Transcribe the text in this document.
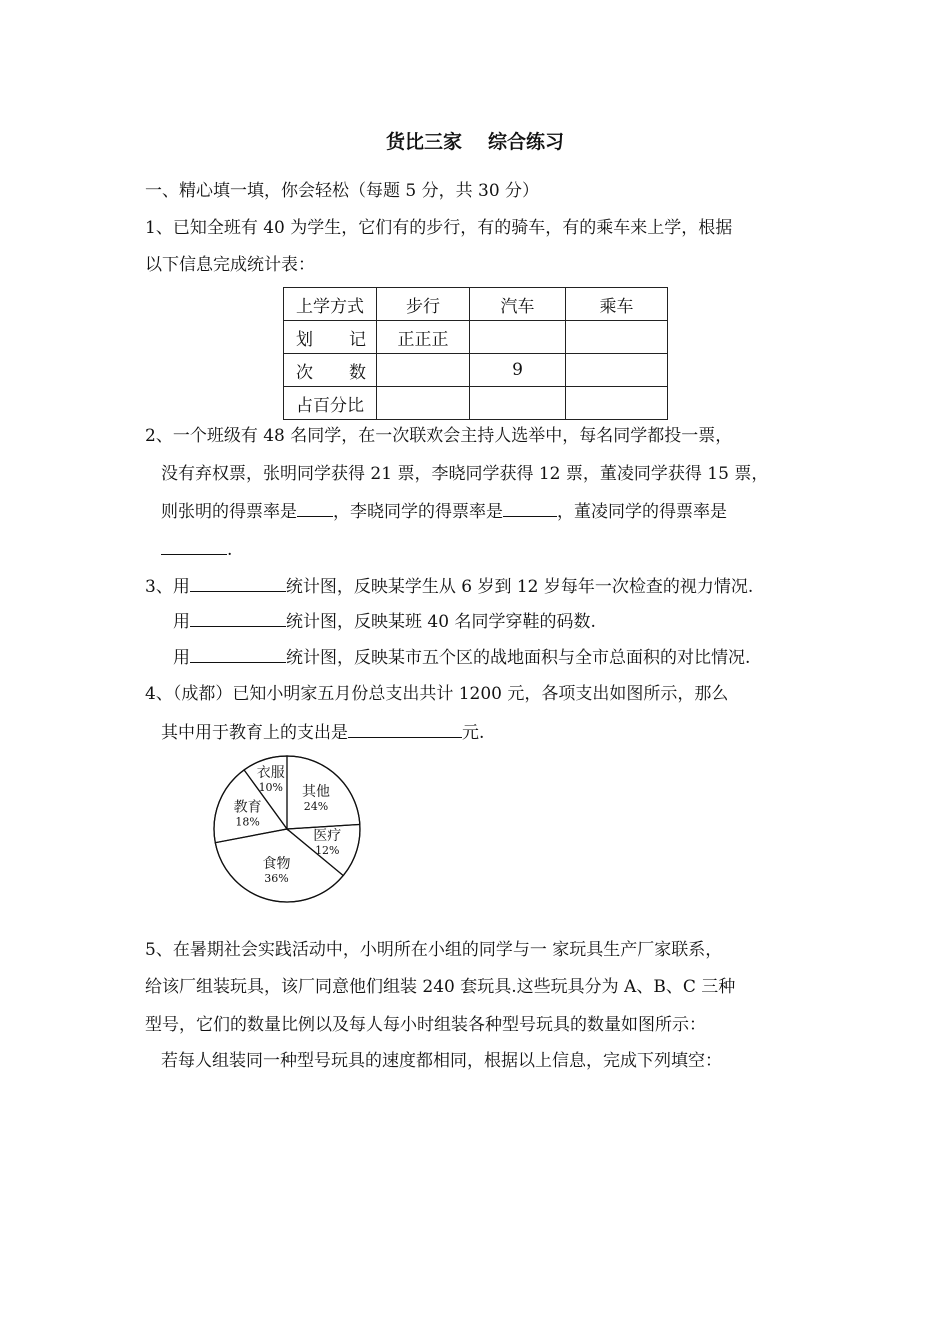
货比三家 综合练习
一、精心填一填，你会轻松（每题 5 分，共 30 分）
1、已知全班有 40 为学生，它们有的步行，有的骑车，有的乘车来上学，根据
以下信息完成统计表：
上学方式	步行	汽车	乘车

划 记	正正正		

次 数		9	
占百分比			
2、一个班级有 48 名同学，在一次联欢会主持人选举中，每名同学都投一票，
没有弃权票，张明同学获得 21 票，李晓同学获得 12 票，董凌同学获得 15 票，
则张明的得票率是 ，李晓同学的得票率是	，董凌同学的得票率是
.
3、用	统计图，反映某学生从 6 岁到 12 岁每年一次检查的视力情况.
用	统计图，反映某班 40 名同学穿鞋的码数.
用	统计图，反映某市五个区的战地面积与全市总面积的对比情况.
4、（成都）已知小明家五月份总支出共计 1200 元，各项支出如图所示，那么
其中用于教育上的支出是	元.
其他
24%
医疗
12%
食物
36%
教育
18%
衣服
10%
5、在暑期社会实践活动中，小明所在小组的同学与一 家玩具生产厂家联系，
给该厂组装玩具，该厂同意他们组装 240 套玩具.这些玩具分为 A、B、C 三种
型号，它们的数量比例以及每人每小时组装各种型号玩具的数量如图所示：
若每人组装同一种型号玩具的速度都相同，根据以上信息，完成下列填空：
